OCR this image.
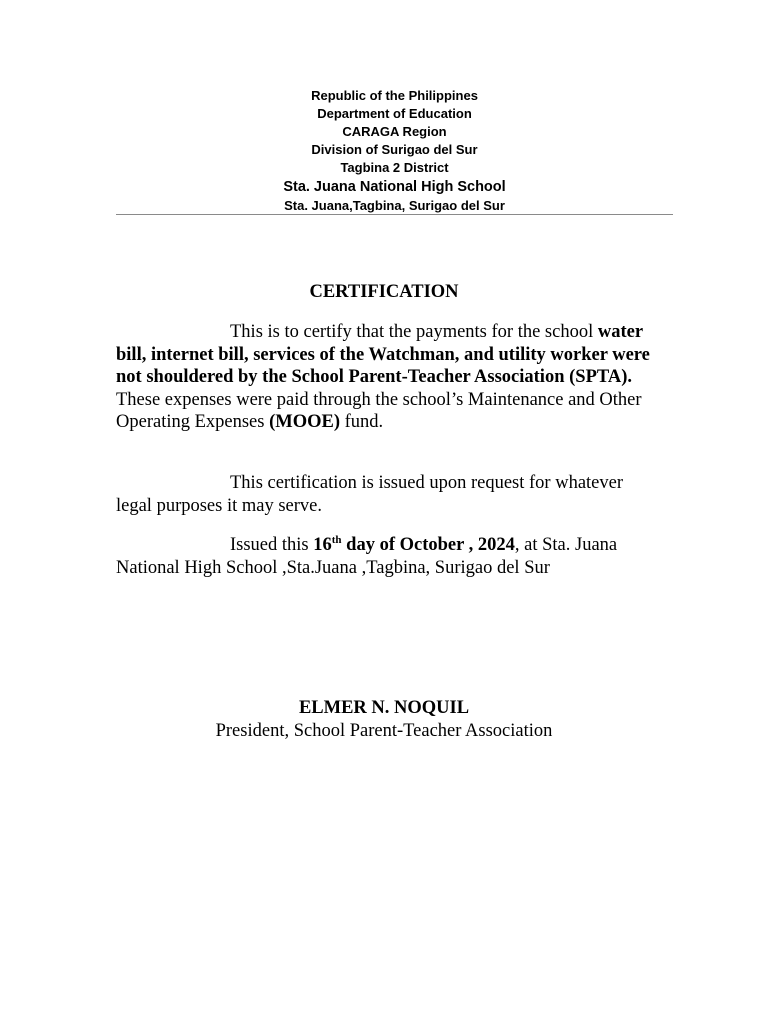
Republic of the Philippines
Department of Education
CARAGA Region
Division of Surigao del Sur
Tagbina 2 District
Sta. Juana National High School
Sta. Juana,Tagbina, Surigao del Sur
CERTIFICATION
This is to certify that the payments for the school water bill, internet bill, services of the Watchman, and utility worker were not shouldered by the School Parent-Teacher Association (SPTA). These expenses were paid through the school’s Maintenance and Other Operating Expenses (MOOE) fund.
This certification is issued upon request for whatever legal purposes it may serve.
Issued this 16th day of October , 2024, at Sta. Juana National High School ,Sta.Juana ,Tagbina, Surigao del Sur
ELMER N. NOQUIL
President, School Parent-Teacher Association
